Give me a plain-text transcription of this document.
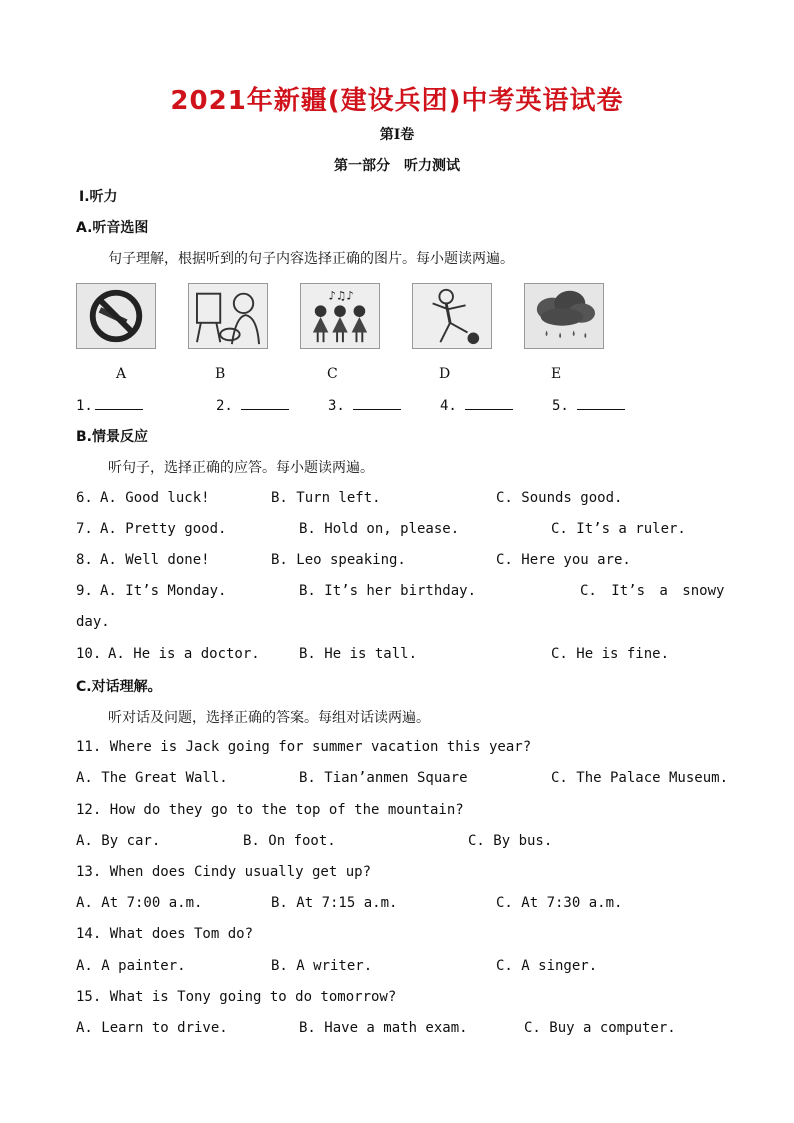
2021年新疆(建设兵团)中考英语试卷
第Ⅰ卷
第一部分　听力测试
Ⅰ.听力
A.听音选图
句子理解，根据听到的句子内容选择正确的图片。每小题读两遍。
♪♫♪
A	B	C	D	E
1.	2.	3.	4.	5.
B.情景反应
听句子，选择正确的应答。每小题读两遍。
6. A. Good luck!	B. Turn left.	C. Sounds good.
7. A. Pretty good.	B. Hold on, please.	C. It’s a ruler.
8. A. Well done!	B. Leo speaking.	C. Here you are.
9. A. It’s Monday.	B. It’s her birthday.	C. It’s a snowy
day.
10. A. He is a doctor.	B. He is tall.	C. He is fine.
C.对话理解。
听对话及问题，选择正确的答案。每组对话读两遍。
11. Where is Jack going for summer vacation this year?
A. The Great Wall.	B. Tian’anmen Square	C. The Palace Museum.
12. How do they go to the top of the mountain?
A. By car.	B. On foot.	C. By bus.
13. When does Cindy usually get up?
A. At 7:00 a.m.	B. At 7:15 a.m.	C. At 7:30 a.m.
14. What does Tom do?
A. A painter.	B. A writer.	C. A singer.
15. What is Tony going to do tomorrow?
A. Learn to drive.	B. Have a math exam.	C. Buy a computer.
